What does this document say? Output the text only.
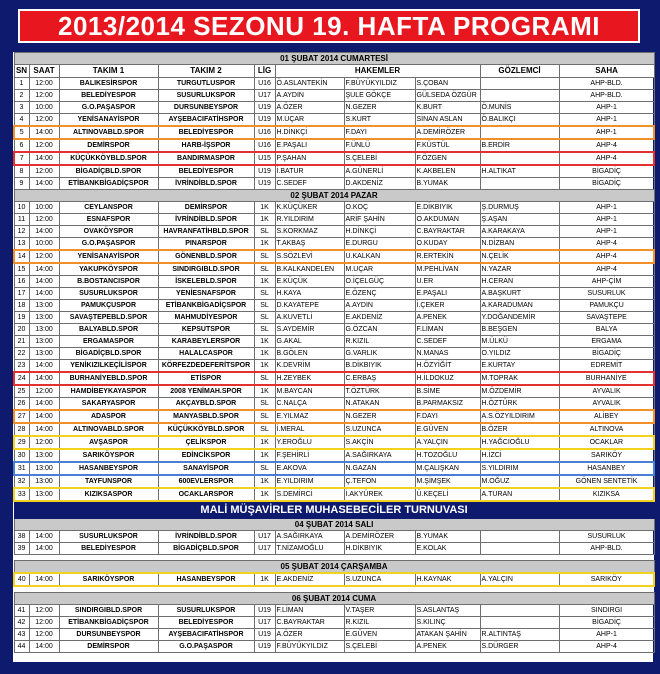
2013/2014 SEZONU 19. HAFTA PROGRAMI
01 ŞUBAT 2014 CUMARTESİ									
SN	SAAT	TAKIM 1	TAKIM 2	LİG	HAKEMLER			GÖZLEMCİ	SAHA
1	12:00	BALIKESİRSPOR	TURGUTLUSPOR	U16	Ö.ASLANTEKİN	F.BÜYÜKYILDIZ	S.ÇOBAN		AHP-BLD.
2	12:00	BELEDİYESPOR	SUSURLUKSPOR	U17	A.AYDIN	ŞULE GÖKÇE	GÜLSEDA ÖZGÜR		AHP-BLD.
3	10:00	G.O.PAŞASPOR	DURSUNBEYSPOR	U19	A.ÖZER	N.GEZER	K.BURT	Ö.MUNİS	AHP-1
4	12:00	YENİSANAYİSPOR	AYŞEBACIFATİHSPOR	U19	M.UÇAR	S.KURT	SİNAN ASLAN	Ö.BALIKÇI	AHP-1
5	14:00	ALTINOVABLD.SPOR	BELEDİYESPOR	U16	H.DİNKÇİ	F.DAYI	A.DEMİRÖZER		AHP-1
6	12:00	DEMİRSPOR	HARB-İŞSPOR	U16	E.PAŞALI	F.ÜNLÜ	F.KÜSTÜL	B.ERDİR	AHP-4
7	14:00	KÜÇÜKKÖYBLD.SPOR	BANDIRMASPOR	U15	P.ŞAHAN	S.ÇELEBİ	F.ÖZGEN		AHP-4
8	12:00	BİGADİÇBLD.SPOR	BELEDİYESPOR	U19	İ.BATUR	A.GÜNERLİ	K.AKBELEN	H.ALTIKAT	BİGADİÇ
9	14:00	ETİBANKBİGADİÇSPOR	İVRİNDİBLD.SPOR	U19	C.SEDEF	D.AKDENİZ	B.YUMAK		BİGADİÇ
02 ŞUBAT 2014 PAZAR									
10	10:00	CEYLANSPOR	DEMİRSPOR	1K	K.KÜÇÜKER	O.KOÇ	E.DİKBIYIK	Ş.DURMUŞ	AHP-1
11	12:00	ESNAFSPOR	İVRİNDİBLD.SPOR	1K	R.YILDIRIM	ARİF ŞAHİN	O.AKDUMAN	Ş.AŞAN	AHP-1
12	14:00	OVAKÖYSPOR	HAVRANFATİHBLD.SPOR	SL	S.KORKMAZ	H.DİNKÇİ	C.BAYRAKTAR	A.KARAKAYA	AHP-1
13	10:00	G.O.PAŞASPOR	PINARSPOR	1K	T.AKBAŞ	E.DURGU	O.KUDAY	N.DİZBAN	AHP-4
14	12:00	YENİSANAYİSPOR	GÖNENBLD.SPOR	SL	S.SÖZLEVİ	U.KALKAN	R.ERTEKİN	N.ÇELİK	AHP-4
15	14:00	YAKUPKÖYSPOR	SINDIRGIBLD.SPOR	SL	B.KALKANDELEN	M.UÇAR	M.PEHLİVAN	N.YAZAR	AHP-4
16	14:00	B.BOSTANCISPOR	İSKELEBLD.SPOR	1K	E.KÜÇÜK	O.İÇELGÜÇ	U.ER	H.CERAN	AHP-ÇİM
17	14:00	SUSURLUKSPOR	YENİESNAFSPOR	SL	H.KAYA	E.ÖZENÇ	E.PAŞALI	A.BAŞKURT	SUSURLUK
18	13:00	PAMUKÇUSPOR	ETİBANKBİGADİÇSPOR	SL	D.KAYATEPE	A.AYDIN	İ.ÇEKER	A.KARADUMAN	PAMUKÇU
19	13:00	SAVAŞTEPEBLD.SPOR	MAHMUDİYESPOR	SL	A.KUVETLİ	E.AKDENİZ	A.PENEK	Y.DOĞANDEMİR	SAVAŞTEPE
20	13:00	BALYABLD.SPOR	KEPSUTSPOR	SL	S.AYDEMİR	G.ÖZCAN	F.LİMAN	B.BEŞGEN	BALYA
21	13:00	ERGAMASPOR	KARABEYLERSPOR	1K	G.AKAL	R.KIZIL	C.SEDEF	M.ÜLKÜ	ERGAMA
22	13:00	BİGADİÇBLD.SPOR	HALALCASPOR	1K	B.GÖLEN	G.VARLIK	N.MANAS	O.YILDIZ	BİGADİÇ
23	14:00	YENİKIZILKEÇİLİSPOR	KÖRFEZDEDEFERİTSPOR	1K	K.DEVRİM	B.DİKBIYIK	H.ÖZYİĞİT	E.KURTAY	EDREMİT
24	14:00	BURHANİYEBLD.SPOR	ETİSPOR	SL	H.ZEYBEK	C.ERBAŞ	H.İLDOKUZ	M.TOPRAK	BURHANİYE
25	12:00	HAMDİBEYKAYASPOR	2008 YENİMAH.SPOR	1K	M.BAYCAN	T.ÖZTÜRK	B.SİME	M.ÖZDEMİR	AYVALIK
26	14:00	SAKARYASPOR	AKÇAYBLD.SPOR	SL	C.NALÇA	N.ATAKAN	B.PARMAKSIZ	H.ÖZTÜRK	AYVALIK
27	14:00	ADASPOR	MANYASBLD.SPOR	SL	E.YILMAZ	N.GEZER	F.DAYI	A.S.ÖZYILDIRIM	ALİBEY
28	14:00	ALTINOVABLD.SPOR	KÜÇÜKKÖYBLD.SPOR	SL	İ.MERAL	S.UZUNCA	E.GÜVEN	B.ÖZER	ALTINOVA
29	12:00	AVŞASPOR	ÇELİKSPOR	1K	Y.EROĞLU	S.AKÇİN	A.YALÇIN	H.YAĞCIOĞLU	OCAKLAR
30	13:00	SARIKÖYSPOR	EDİNCİKSPOR	1K	F.ŞEHİRLİ	A.SAĞIRKAYA	H.TOZOĞLU	H.İZCİ	SARIKÖY
31	13:00	HASANBEYSPOR	SANAYİSPOR	SL	E.AKOVA	N.GAZAN	M.ÇALIŞKAN	S.YILDIRIM	HASANBEY
32	13:00	TAYFUNSPOR	600EVLERSPOR	1K	E.YILDIRIM	Ç.TEFON	M.ŞİMŞEK	M.OĞUZ	GÖNEN SENTETİK
33	13:00	KIZIKSASPOR	OCAKLARSPOR	1K	S.DEMİRCİ	İ.AKYÜREK	Ü.KEÇELİ	A.TURAN	KIZIKSA
MALİ MÜŞAVİRLER MUHASEBECİLER TURNUVASI									
04 ŞUBAT 2014 SALI									
38	14:00	SUSURLUKSPOR	İVRİNDİBLD.SPOR	U17	A.SAĞIRKAYA	A.DEMİRÖZER	B.YUMAK		SUSURLUK
39	14:00	BELEDİYESPOR	BİGADİÇBLD.SPOR	U17	T.NİZAMOĞLU	H.DİKBIYIK	E.KOLAK		AHP-BLD.

05 ŞUBAT 2014 ÇARŞAMBA									
40	14:00	SARIKÖYSPOR	HASANBEYSPOR	1K	E.AKDENİZ	S.UZUNCA	H.KAYNAK	A.YALÇIN	SARIKÖY

06 ŞUBAT 2014 CUMA									
41	12:00	SINDIRGIBLD.SPOR	SUSURLUKSPOR	U19	F.LİMAN	V.TAŞER	S.ASLANTAŞ		SINDIRGI
42	12:00	ETİBANKBİGADİÇSPOR	BELEDİYESPOR	U17	C.BAYRAKTAR	R.KIZIL	S.KILINÇ		BİGADİÇ
43	12:00	DURSUNBEYSPOR	AYŞEBACIFATİHSPOR	U19	A.ÖZER	E.GÜVEN	ATAKAN ŞAHİN	R.ALTINTAŞ	AHP-1
44	14:00	DEMİRSPOR	G.O.PAŞASPOR	U19	F.BÜYÜKYILDIZ	S.ÇELEBİ	A.PENEK	S.DÜRGER	AHP-4
